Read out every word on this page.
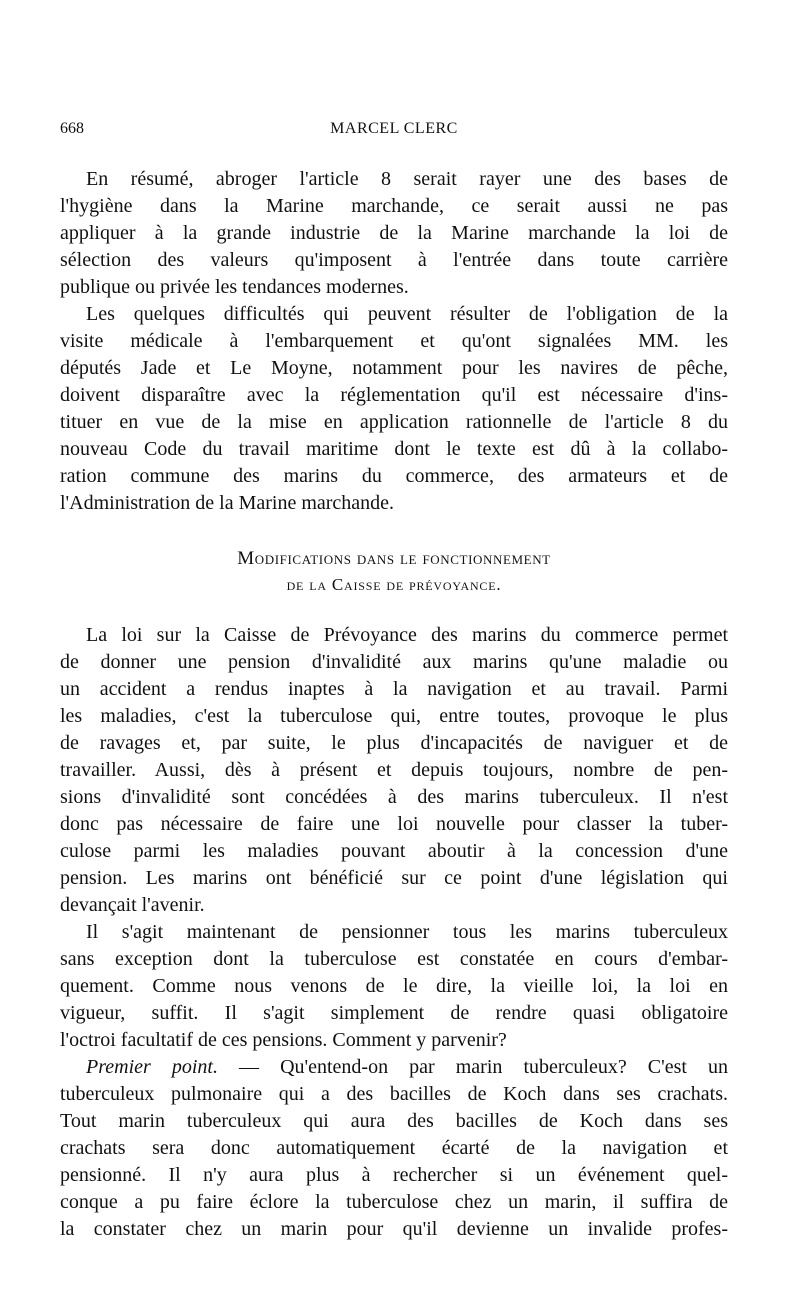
668	MARCEL CLERC
En résumé, abroger l'article 8 serait rayer une des bases de
l'hygiène dans la Marine marchande, ce serait aussi ne pas
appliquer à la grande industrie de la Marine marchande la loi de
sélection des valeurs qu'imposent à l'entrée dans toute carrière
publique ou privée les tendances modernes.
Les quelques difficultés qui peuvent résulter de l'obligation de la
visite médicale à l'embarquement et qu'ont signalées MM. les
députés Jade et Le Moyne, notamment pour les navires de pêche,
doivent disparaître avec la réglementation qu'il est nécessaire d'ins-
tituer en vue de la mise en application rationnelle de l'article 8 du
nouveau Code du travail maritime dont le texte est dû à la collabo-
ration commune des marins du commerce, des armateurs et de
l'Administration de la Marine marchande.
Modifications dans le fonctionnement
de la Caisse de prévoyance.
La loi sur la Caisse de Prévoyance des marins du commerce permet
de donner une pension d'invalidité aux marins qu'une maladie ou
un accident a rendus inaptes à la navigation et au travail. Parmi
les maladies, c'est la tuberculose qui, entre toutes, provoque le plus
de ravages et, par suite, le plus d'incapacités de naviguer et de
travailler. Aussi, dès à présent et depuis toujours, nombre de pen-
sions d'invalidité sont concédées à des marins tuberculeux. Il n'est
donc pas nécessaire de faire une loi nouvelle pour classer la tuber-
culose parmi les maladies pouvant aboutir à la concession d'une
pension. Les marins ont bénéficié sur ce point d'une législation qui
devançait l'avenir.
Il s'agit maintenant de pensionner tous les marins tuberculeux
sans exception dont la tuberculose est constatée en cours d'embar-
quement. Comme nous venons de le dire, la vieille loi, la loi en
vigueur, suffit. Il s'agit simplement de rendre quasi obligatoire
l'octroi facultatif de ces pensions. Comment y parvenir?
Premier point. — Qu'entend-on par marin tuberculeux? C'est un
tuberculeux pulmonaire qui a des bacilles de Koch dans ses crachats.
Tout marin tuberculeux qui aura des bacilles de Koch dans ses
crachats sera donc automatiquement écarté de la navigation et
pensionné. Il n'y aura plus à rechercher si un événement quel-
conque a pu faire éclore la tuberculose chez un marin, il suffira de
la constater chez un marin pour qu'il devienne un invalide profes-
